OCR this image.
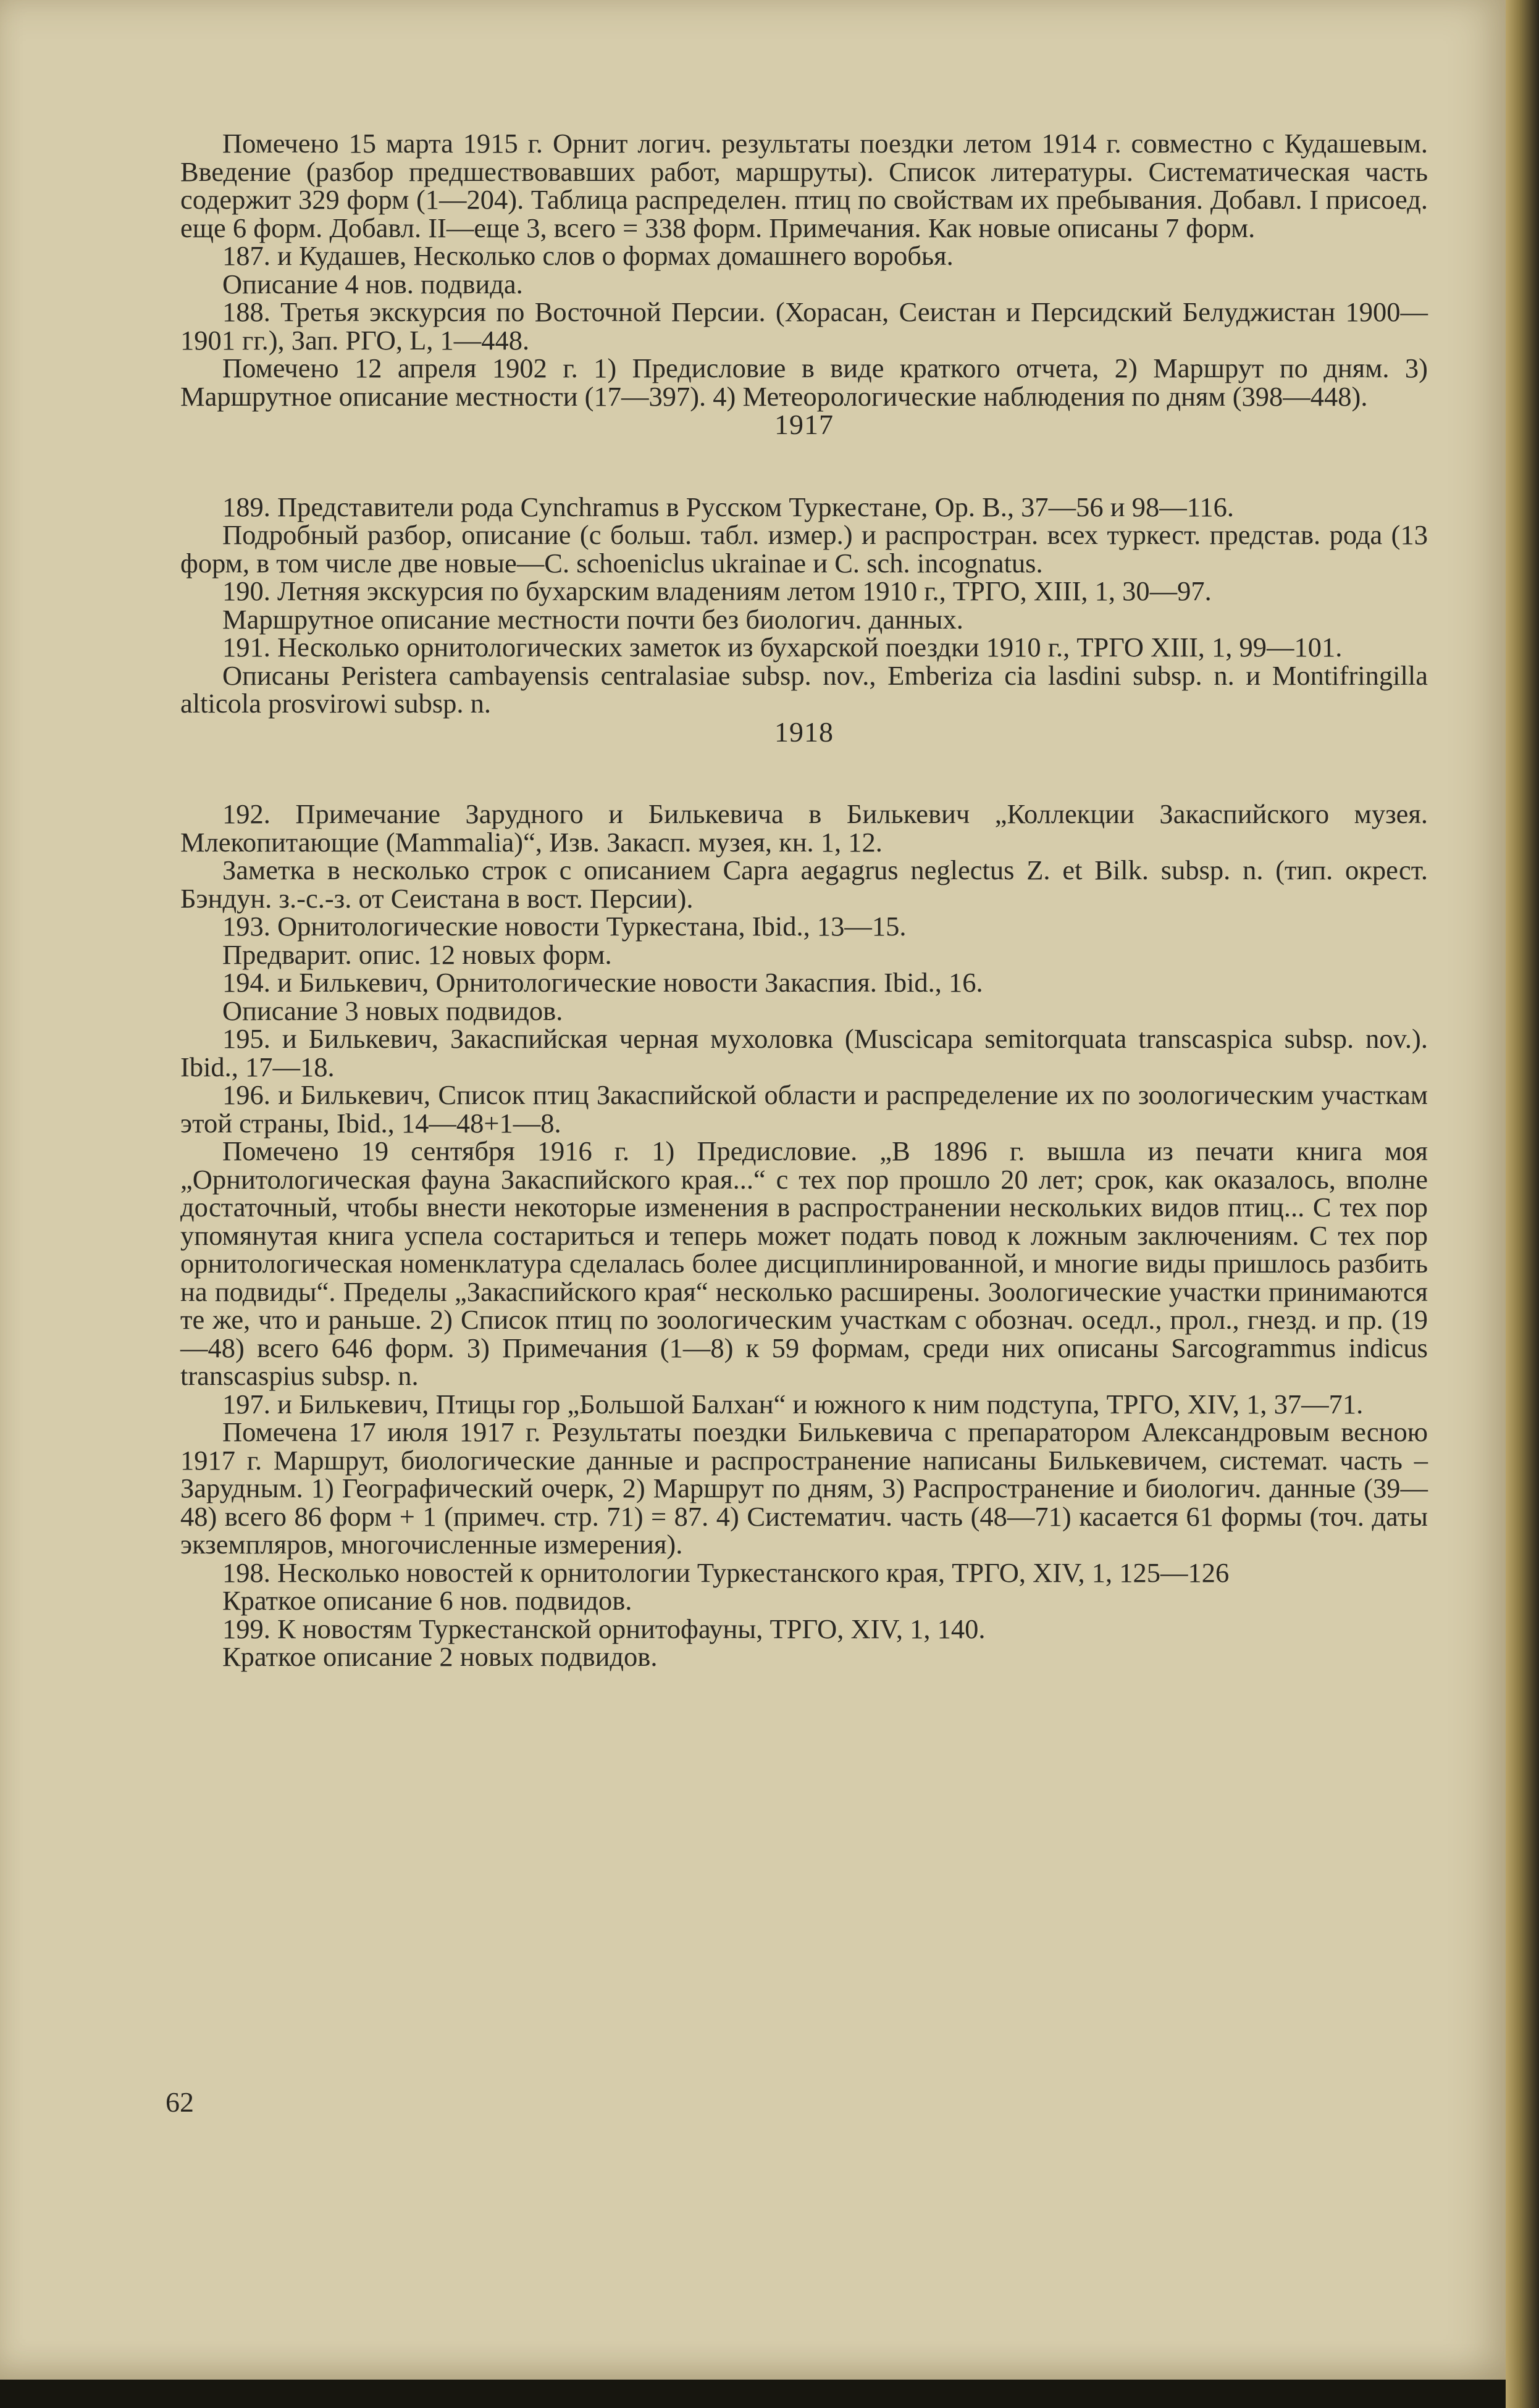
Помечено 15 марта 1915 г. Орнит логич. результаты поездки летом 1914 г. совместно с Кудашевым. Введение (разбор предшествовавших работ, маршруты). Список литературы. Систематическая часть содержит 329 форм (1—204). Таблица распределен. птиц по свойствам их пребывания. Добавл. I присоед. еще 6 форм. Добавл. II—еще 3, всего = 338 форм. Примечания. Как новые описаны 7 форм.

187. и Кудашев, Несколько слов о формах домашнего воробья.

Описание 4 нов. подвида.

188. Третья экскурсия по Восточной Персии. (Хорасан, Сеистан и Персидский Белуджистан 1900—1901 гг.), Зап. РГО, L, 1—448.

Помечено 12 апреля 1902 г. 1) Предисловие в виде краткого отчета, 2) Маршрут по дням. 3) Маршрутное описание местности (17—397). 4) Метеорологические наблюдения по дням (398—448).

1917

189. Представители рода Cynchramus в Русском Туркестане, Ор. В., 37—56 и 98—116.

Подробный разбор, описание (с больш. табл. измер.) и распростран. всех туркест. представ. рода (13 форм, в том числе две новые—C. schoeniclus ukrainae и C. sch. incognatus.

190. Летняя экскурсия по бухарским владениям летом 1910 г., ТРГО, XIII, 1, 30—97.

Маршрутное описание местности почти без биологич. данных.

191. Несколько орнитологических заметок из бухарской поездки 1910 г., ТРГО XIII, 1, 99—101.

Описаны Peristera cambayensis centralasiae subsp. nov., Emberiza cia lasdini subsp. n. и Montifringilla alticola prosvirowi subsp. n.

1918

192. Примечание Зарудного и Билькевича в Билькевич „Коллекции Закаспийского музея. Млекопитающие (Mammalia)“, Изв. Закасп. музея, кн. 1, 12.

Заметка в несколько строк с описанием Capra aegagrus neglectus Z. et Bilk. subsp. n. (тип. окрест. Бэндун. з.-с.-з. от Сеистана в вост. Персии).

193. Орнитологические новости Туркестана, Ibid., 13—15.

Предварит. опис. 12 новых форм.

194. и Билькевич, Орнитологические новости Закаспия. Ibid., 16.

Описание 3 новых подвидов.

195. и Билькевич, Закаспийская черная мухоловка (Muscicapa semitorquata transcaspica subsp. nov.). Ibid., 17—18.

196. и Билькевич, Список птиц Закаспийской области и распределение их по зоологическим участкам этой страны, Ibid., 14—48+1—8.

Помечено 19 сентября 1916 г. 1) Предисловие. „В 1896 г. вышла из печати книга моя „Орнитологическая фауна Закаспийского края...“ с тех пор прошло 20 лет; срок, как оказалось, вполне достаточный, чтобы внести некоторые изменения в распространении нескольких видов птиц... С тех пор упомянутая книга успела состариться и теперь может подать повод к ложным заключениям. С тех пор орнитологическая номенклатура сделалась более дисциплинированной, и многие виды пришлось разбить на подвиды“. Пределы „Закаспийского края“ несколько расширены. Зоологические участки принимаются те же, что и раньше. 2) Список птиц по зоологическим участкам с обознач. оседл., прол., гнезд. и пр. (19—48) всего 646 форм. 3) Примечания (1—8) к 59 формам, среди них описаны Sarcogrammus indicus transcaspius subsp. n.

197. и Билькевич, Птицы гор „Большой Балхан“ и южного к ним подступа, ТРГО, XIV, 1, 37—71.

Помечена 17 июля 1917 г. Результаты поездки Билькевича с препаратором Александровым весною 1917 г. Маршрут, биологические данные и распространение написаны Билькевичем, системат. часть – Зарудным. 1) Географический очерк, 2) Маршрут по дням, 3) Распространение и биологич. данные (39—48) всего 86 форм + 1 (примеч. стр. 71) = 87. 4) Систематич. часть (48—71) касается 61 формы (точ. даты экземпляров, многочисленные измерения).

198. Несколько новостей к орнитологии Туркестанского края, ТРГО, XIV, 1, 125—126

Краткое описание 6 нов. подвидов.

199. К новостям Туркестанской орнитофауны, ТРГО, XIV, 1, 140.

Краткое описание 2 новых подвидов.

62
